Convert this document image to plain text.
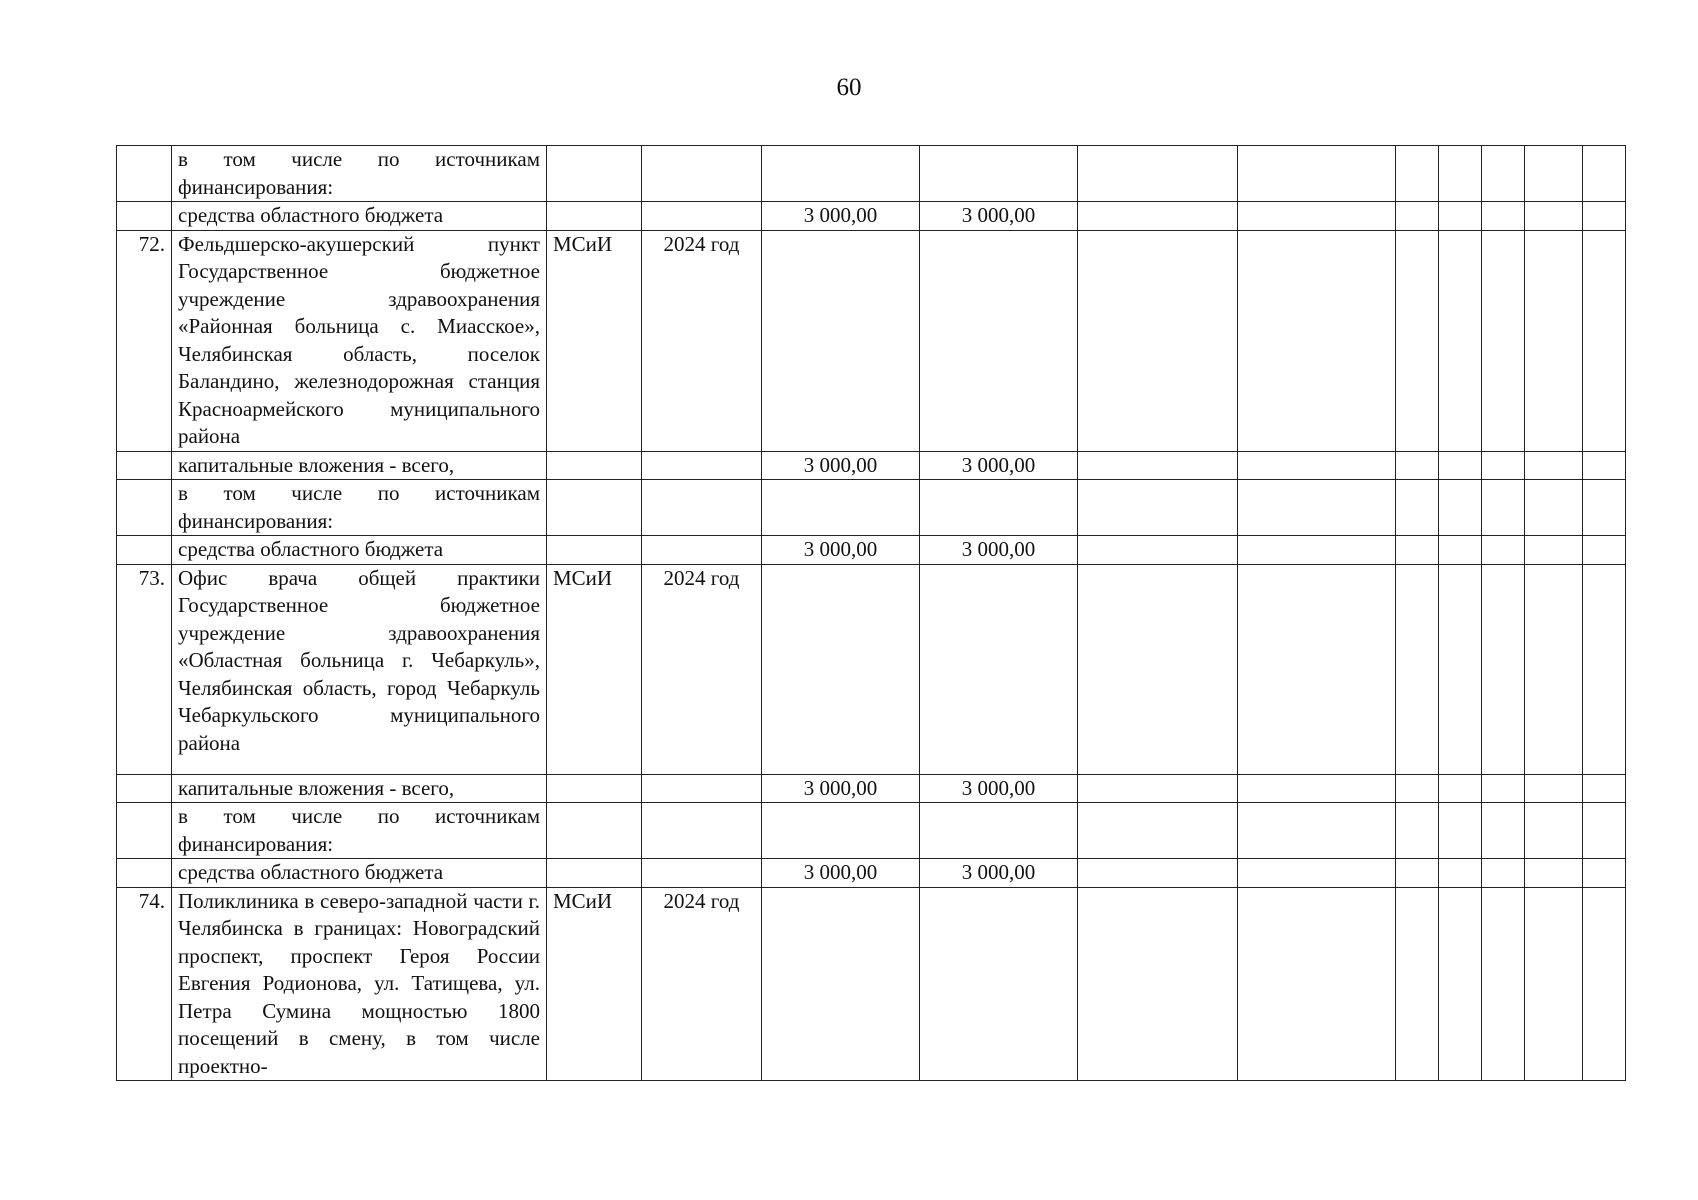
60
	в том числе по источникам финансирования:											
	средства областного бюджета			3 000,00	3 000,00							
72.	Фельдшерско-акушерский пункт Государственное бюджетное учреждение здравоохранения «Районная больница с. Миасское», Челябинская область, поселок Баландино, железнодорожная станция Красноармейского муниципального района	МСиИ	2024 год									
	капитальные вложения - всего,			3 000,00	3 000,00							
	в том числе по источникам финансирования:											
	средства областного бюджета			3 000,00	3 000,00							
73.	Офис врача общей практики Государственное бюджетное учреждение здравоохранения «Областная больница г. Чебаркуль», Челябинская область, город Чебаркуль Чебаркульского муниципального района	МСиИ	2024 год									
	капитальные вложения - всего,			3 000,00	3 000,00							
	в том числе по источникам финансирования:											
	средства областного бюджета			3 000,00	3 000,00							
74.	Поликлиника в северо-западной части г. Челябинска в границах: Новоградский проспект, проспект Героя России Евгения Родионова, ул. Татищева, ул. Петра Сумина мощностью 1800 посещений в смену, в том числе проектно-	МСиИ	2024 год									
